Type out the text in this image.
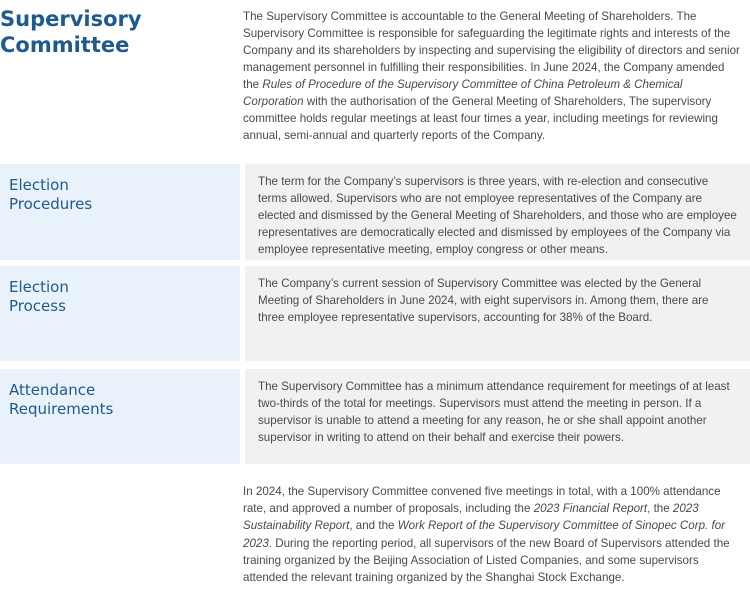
Supervisory
Committee

The Supervisory Committee is accountable to the General Meeting of Shareholders. The Supervisory Committee is responsible for safeguarding the legitimate rights and interests of the Company and its shareholders by inspecting and supervising the eligibility of directors and senior management personnel in fulfilling their responsibilities. In June 2024, the Company amended the Rules of Procedure of the Supervisory Committee of China Petroleum & Chemical Corporation with the authorisation of the General Meeting of Shareholders, The supervisory committee holds regular meetings at least four times a year, including meetings for reviewing annual, semi-annual and quarterly reports of the Company.

Election
Procedures
The term for the Company’s supervisors is three years, with re-election and consecutive terms allowed. Supervisors who are not employee representatives of the Company are elected and dismissed by the General Meeting of Shareholders, and those who are employee representatives are democratically elected and dismissed by employees of the Company via employee representative meeting, employ congress or other means.
Election
Process
The Company’s current session of Supervisory Committee was elected by the General Meeting of Shareholders in June 2024, with eight supervisors in. Among them, there are three employee representative supervisors, accounting for 38% of the Board.
Attendance
Requirements
The Supervisory Committee has a minimum attendance requirement for meetings of at least two-thirds of the total for meetings. Supervisors must attend the meeting in person. If a supervisor is unable to attend a meeting for any reason, he or she shall appoint another supervisor in writing to attend on their behalf and exercise their powers.

In 2024, the Supervisory Committee convened five meetings in total, with a 100% attendance rate, and approved a number of proposals, including the 2023 Financial Report, the 2023 Sustainability Report, and the Work Report of the Supervisory Committee of Sinopec Corp. for 2023. During the reporting period, all supervisors of the new Board of Supervisors attended the training organized by the Beijing Association of Listed Companies, and some supervisors attended the relevant training organized by the Shanghai Stock Exchange.
